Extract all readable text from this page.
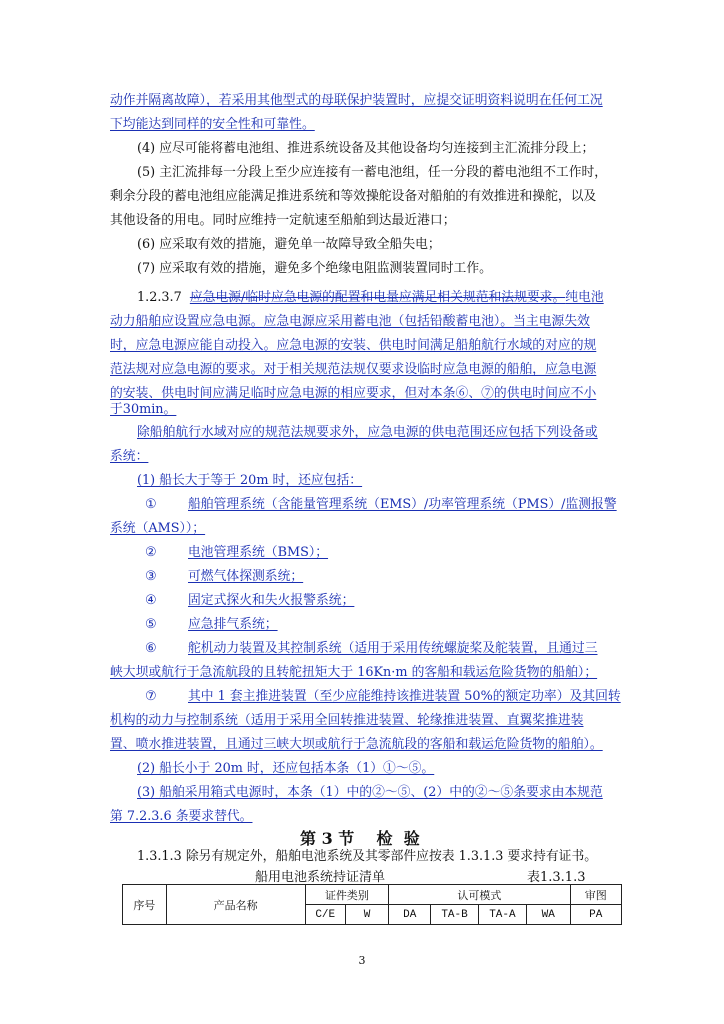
动作并隔离故障），若采用其他型式的母联保护装置时，应提交证明资料说明在任何工况
下均能达到同样的安全性和可靠性。
(4) 应尽可能将蓄电池组、推进系统设备及其他设备均匀连接到主汇流排分段上；
(5) 主汇流排每一分段上至少应连接有一蓄电池组，任一分段的蓄电池组不工作时，
剩余分段的蓄电池组应能满足推进系统和等效操舵设备对船舶的有效推进和操舵，以及
其他设备的用电。同时应维持一定航速至船舶到达最近港口；
(6) 应采取有效的措施，避免单一故障导致全船失电；
(7) 应采取有效的措施，避免多个绝缘电阻监测装置同时工作。
1.2.3.7 应急电源/临时应急电源的配置和电量应满足相关规范和法规要求。纯电池
动力船舶应设置应急电源。应急电源应采用蓄电池（包括铅酸蓄电池）。当主电源失效
时，应急电源应能自动投入。应急电源的安装、供电时间满足船舶航行水域的对应的规
范法规对应急电源的要求。对于相关规范法规仅要求设临时应急电源的船舶，应急电源
的安装、供电时间应满足临时应急电源的相应要求，但对本条⑥、⑦的供电时间应不小
于30min。
除船舶航行水域对应的规范法规要求外，应急电源的供电范围还应包括下列设备或
系统：
(1) 船长大于等于 20m 时，还应包括：
① 船舶管理系统（含能量管理系统（EMS）/功率管理系统（PMS）/监测报警
系统（AMS））；
② 电池管理系统（BMS）；
③ 可燃气体探测系统；
④ 固定式探火和失火报警系统；
⑤ 应急排气系统；
⑥ 舵机动力装置及其控制系统（适用于采用传统螺旋桨及舵装置，且通过三
峡大坝或航行于急流航段的且转舵扭矩大于 16Kn·m 的客船和载运危险货物的船舶）；
⑦ 其中 1 套主推进装置（至少应能维持该推进装置 50%的额定功率）及其回转
机构的动力与控制系统（适用于采用全回转推进装置、轮缘推进装置、直翼桨推进装
置、喷水推进装置，且通过三峡大坝或航行于急流航段的客船和载运危险货物的船舶）。
(2) 船长小于 20m 时，还应包括本条（1）①～⑤。
(3) 船舶采用箱式电源时，本条（1）中的②～⑤、(2）中的②～⑤条要求由本规范
第 7.2.3.6 条要求替代。
第 3 节    检  验
1.3.1.3 除另有规定外，船舶电池系统及其零部件应按表 1.3.1.3 要求持有证书。
船用电池系统持证清单	表1.3.1.3
序号	产品名称	证件类别		认可模式				审图
		C/E	W	DA	TA-B	TA-A	WA	PA
3
